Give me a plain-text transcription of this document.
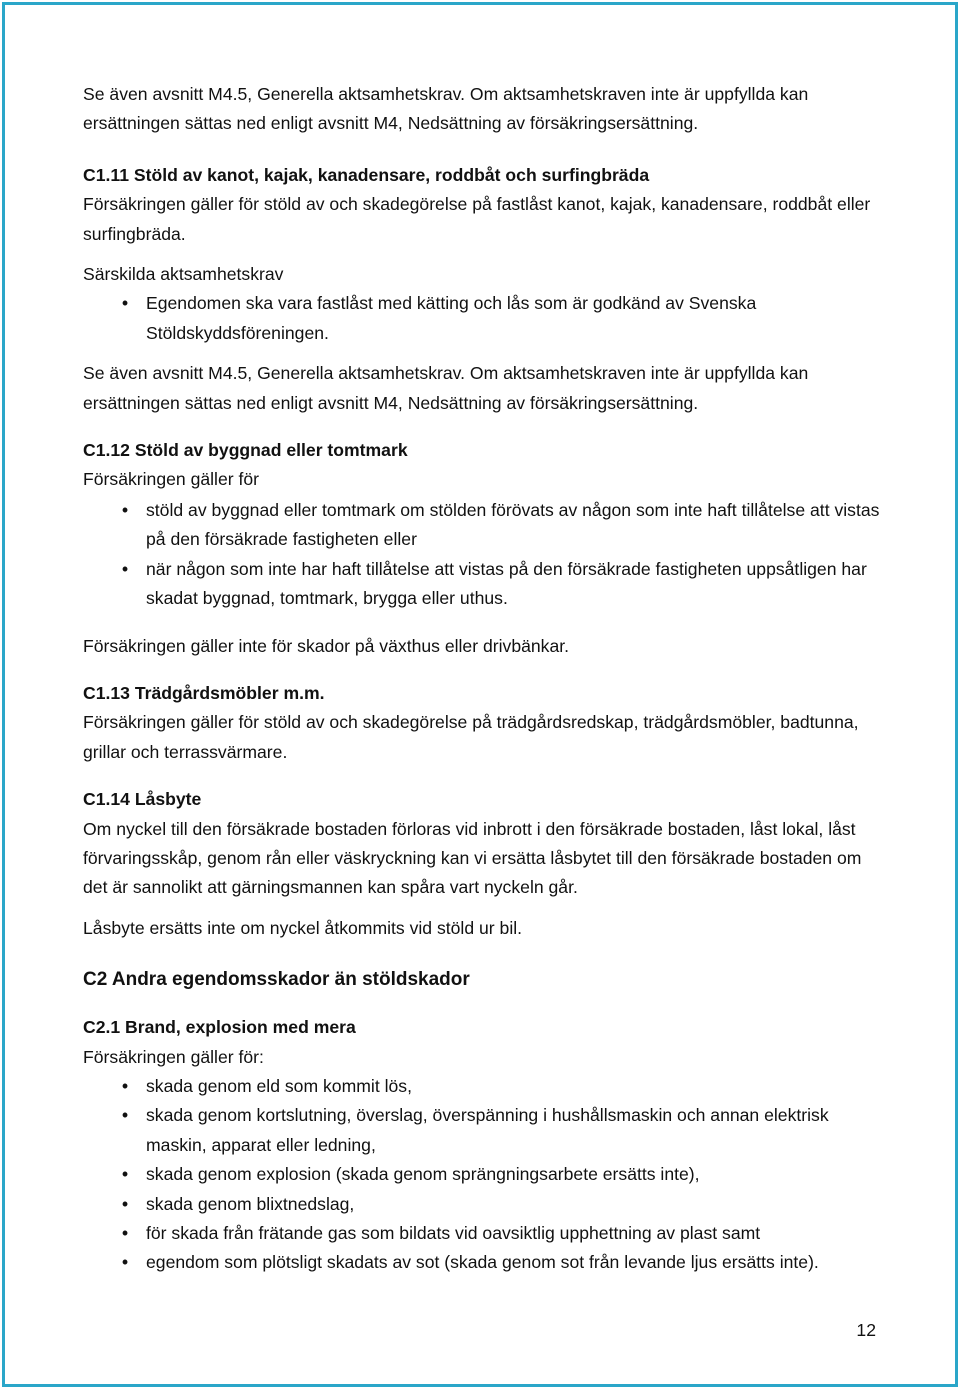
Se även avsnitt M4.5, Generella aktsamhetskrav. Om aktsamhetskraven inte är uppfyllda kan ersättningen sättas ned enligt avsnitt M4, Nedsättning av försäkringsersättning.

C1.11 Stöld av kanot, kajak, kanadensare, roddbåt och surfingbräda

Försäkringen gäller för stöld av och skadegörelse på fastlåst kanot, kajak, kanadensare, roddbåt eller surfingbräda.

Särskilda aktsamhetskrav

•
Egendomen ska vara fastlåst med kätting och lås som är godkänd av Svenska Stöldskyddsföreningen.

Se även avsnitt M4.5, Generella aktsamhetskrav. Om aktsamhetskraven inte är uppfyllda kan ersättningen sättas ned enligt avsnitt M4, Nedsättning av försäkringsersättning.

C1.12 Stöld av byggnad eller tomtmark

Försäkringen gäller för

•
stöld av byggnad eller tomtmark om stölden förövats av någon som inte haft tillåtelse att vistas på den försäkrade fastigheten eller
•
när någon som inte har haft tillåtelse att vistas på den försäkrade fastigheten uppsåtligen har skadat byggnad, tomtmark, brygga eller uthus.

Försäkringen gäller inte för skador på växthus eller drivbänkar.

C1.13 Trädgårdsmöbler m.m.

Försäkringen gäller för stöld av och skadegörelse på trädgårdsredskap, trädgårdsmöbler, badtunna, grillar och terrassvärmare.

C1.14 Låsbyte

Om nyckel till den försäkrade bostaden förloras vid inbrott i den försäkrade bostaden, låst lokal, låst förvaringsskåp, genom rån eller väskryckning kan vi ersätta låsbytet till den försäkrade bostaden om det är sannolikt att gärningsmannen kan spåra vart nyckeln går.

Låsbyte ersätts inte om nyckel åtkommits vid stöld ur bil.

C2 Andra egendomsskador än stöldskador

C2.1 Brand, explosion med mera

Försäkringen gäller för:

•
skada genom eld som kommit lös,
•
skada genom kortslutning, överslag, överspänning i hushållsmaskin och annan elektrisk maskin, apparat eller ledning,
•
skada genom explosion (skada genom sprängningsarbete ersätts inte),
•
skada genom blixtnedslag,
•
för skada från frätande gas som bildats vid oavsiktlig upphettning av plast samt
•
egendom som plötsligt skadats av sot (skada genom sot från levande ljus ersätts inte).
12
